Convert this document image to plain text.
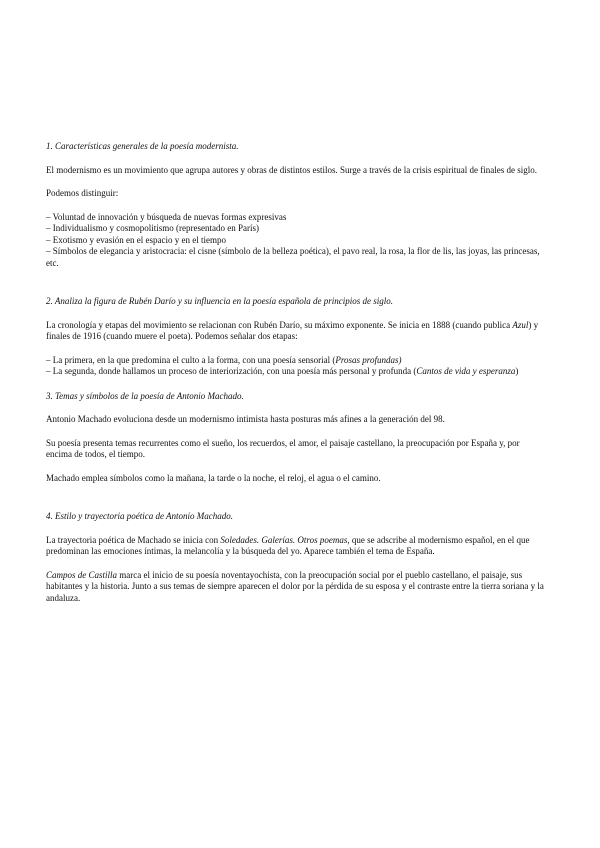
1. Características generales de la poesía modernista.

El modernismo es un movimiento que agrupa autores y obras de distintos estilos. Surge a través de la crisis espiritual de finales de siglo.

Podemos distinguir:

– Voluntad de innovación y búsqueda de nuevas formas expresivas
– Individualismo y cosmopolitismo (representado en París)
– Exotismo y evasión en el espacio y en el tiempo
– Símbolos de elegancia y aristocracia: el cisne (símbolo de la belleza poética), el pavo real, la rosa, la flor de lis, las joyas, las princesas, etc.
2. Analiza la figura de Rubén Darío y su influencia en la poesía española de principios de siglo.

La cronología y etapas del movimiento se relacionan con Rubén Darío, su máximo exponente. Se inicia en 1888 (cuando publica Azul) y finales de 1916 (cuando muere el poeta). Podemos señalar dos etapas:

– La primera, en la que predomina el culto a la forma, con una poesía sensorial (Prosas profundas)
– La segunda, donde hallamos un proceso de interiorización, con una poesía más personal y profunda (Cantos de vida y esperanza)
3. Temas y símbolos de la poesía de Antonio Machado.

Antonio Machado evoluciona desde un modernismo intimista hasta posturas más afines a la generación del 98.

Su poesía presenta temas recurrentes como el sueño, los recuerdos, el amor, el paisaje castellano, la preocupación por España y, por encima de todos, el tiempo.

Machado emplea símbolos como la mañana, la tarde o la noche, el reloj, el agua o el camino.

4. Estilo y trayectoria poética de Antonio Machado.

La trayectoria poética de Machado se inicia con Soledades. Galerías. Otros poemas, que se adscribe al modernismo español, en el que predominan las emociones íntimas, la melancolía y la búsqueda del yo. Aparece también el tema de España.

Campos de Castilla marca el inicio de su poesía noventayochista, con la preocupación social por el pueblo castellano, el paisaje, sus habitantes y la historia. Junto a sus temas de siempre aparecen el dolor por la pérdida de su esposa y el contraste entre la tierra soriana y la andaluza.
